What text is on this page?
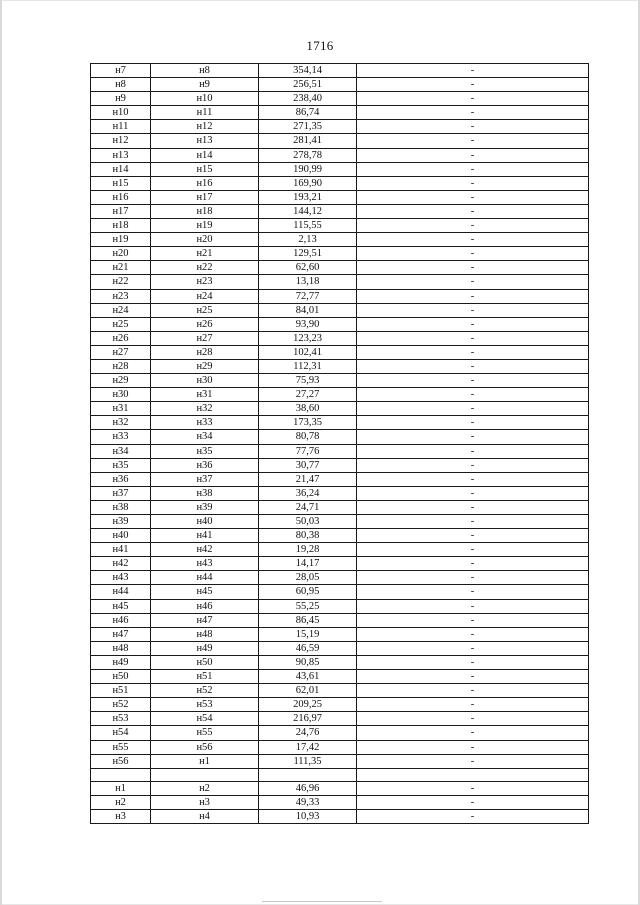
1716
н7	н8	354,14	-
н8	н9	256,51	-
н9	н10	238,40	-
н10	н11	86,74	-
н11	н12	271,35	-
н12	н13	281,41	-
н13	н14	278,78	-
н14	н15	190,99	-
н15	н16	169,90	-
н16	н17	193,21	-
н17	н18	144,12	-
н18	н19	115,55	-
н19	н20	2,13	-
н20	н21	129,51	-
н21	н22	62,60	-
н22	н23	13,18	-
н23	н24	72,77	-
н24	н25	84,01	-
н25	н26	93,90	-
н26	н27	123,23	-
н27	н28	102,41	-
н28	н29	112,31	-
н29	н30	75,93	-
н30	н31	27,27	-
н31	н32	38,60	-
н32	н33	173,35	-
н33	н34	80,78	-
н34	н35	77,76	-
н35	н36	30,77	-
н36	н37	21,47	-
н37	н38	36,24	-
н38	н39	24,71	-
н39	н40	50,03	-
н40	н41	80,38	-
н41	н42	19,28	-
н42	н43	14,17	-
н43	н44	28,05	-
н44	н45	60,95	-
н45	н46	55,25	-
н46	н47	86,45	-
н47	н48	15,19	-
н48	н49	46,59	-
н49	н50	90,85	-
н50	н51	43,61	-
н51	н52	62,01	-
н52	н53	209,25	-
н53	н54	216,97	-
н54	н55	24,76	-
н55	н56	17,42	-
н56	н1	111,35	-

н1	н2	46,96	-
н2	н3	49,33	-
н3	н4	10,93	-
